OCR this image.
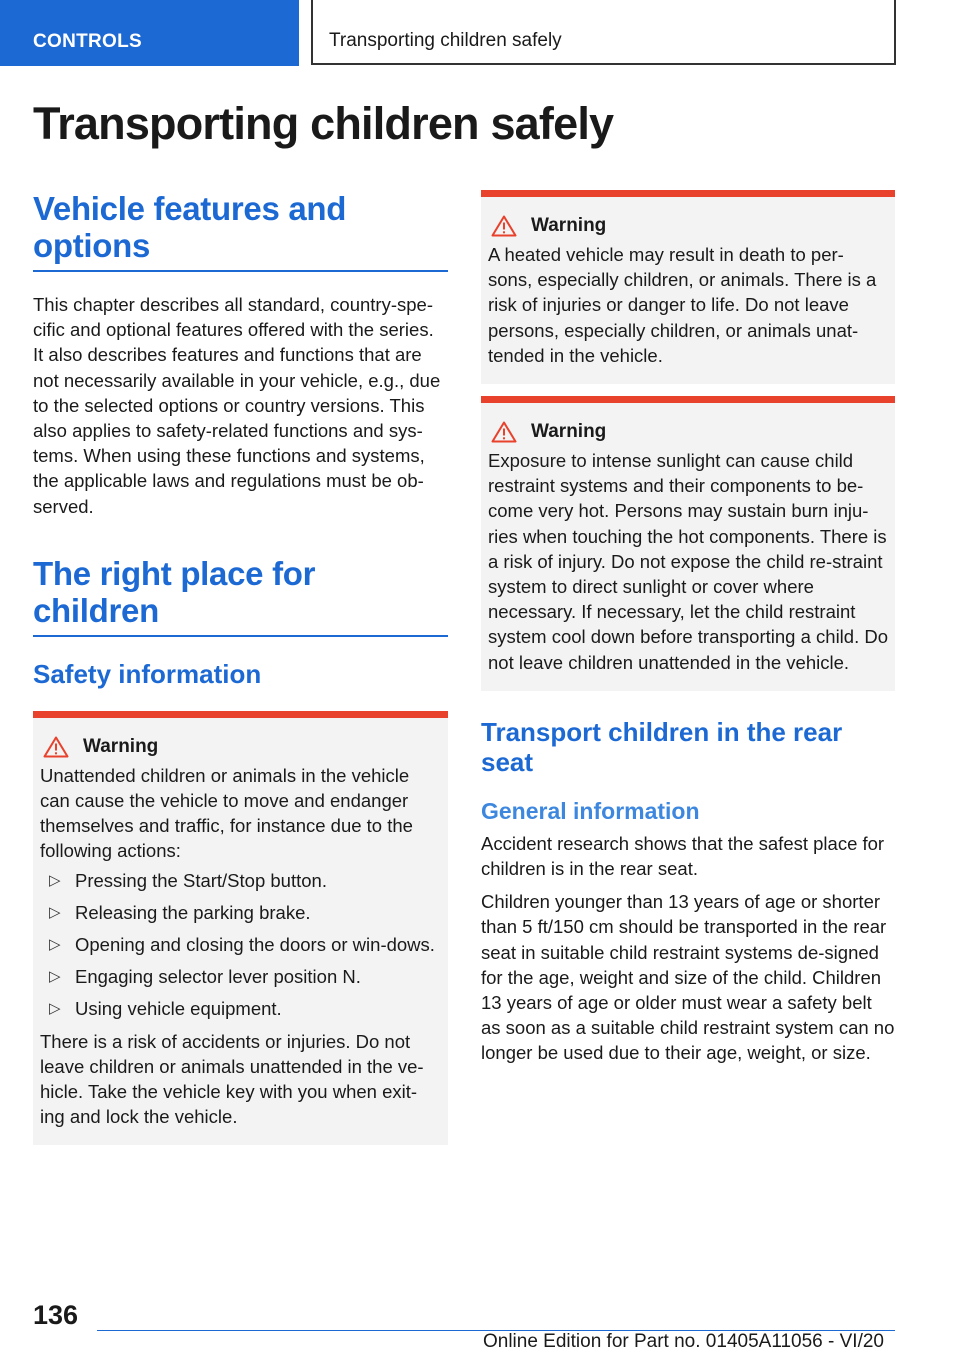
CONTROLS	Transporting children safely
Transporting children safely
Vehicle features and options

This chapter describes all standard, country-spe-cific and optional features offered with the series. It also describes features and functions that are not necessarily available in your vehicle, e.g., due to the selected options or country versions. This also applies to safety-related functions and sys-tems. When using these functions and systems, the applicable laws and regulations must be ob-served.

The right place for children
Safety information
Warning

Unattended children or animals in the vehicle can cause the vehicle to move and endanger themselves and traffic, for instance due to the following actions:

▷ Pressing the Start/Stop button.
▷ Releasing the parking brake.
▷ Opening and closing the doors or win-dows.
▷ Engaging selector lever position N.
▷ Using vehicle equipment.

There is a risk of accidents or injuries. Do not leave children or animals unattended in the ve-hicle. Take the vehicle key with you when exit-ing and lock the vehicle.

Warning

A heated vehicle may result in death to per-sons, especially children, or animals. There is a risk of injuries or danger to life. Do not leave persons, especially children, or animals unat-tended in the vehicle.

Warning

Exposure to intense sunlight can cause child restraint systems and their components to be-come very hot. Persons may sustain burn inju-ries when touching the hot components. There is a risk of injury. Do not expose the child re-straint system to direct sunlight or cover where necessary. If necessary, let the child restraint system cool down before transporting a child. Do not leave children unattended in the vehicle.

Transport children in the rear seat
General information

Accident research shows that the safest place for children is in the rear seat.

Children younger than 13 years of age or shorter than 5 ft/150 cm should be transported in the rear seat in suitable child restraint systems de-signed for the age, weight and size of the child. Children 13 years of age or older must wear a safety belt as soon as a suitable child restraint system can no longer be used due to their age, weight, or size.

136
Online Edition for Part no. 01405A11056 - VI/20
